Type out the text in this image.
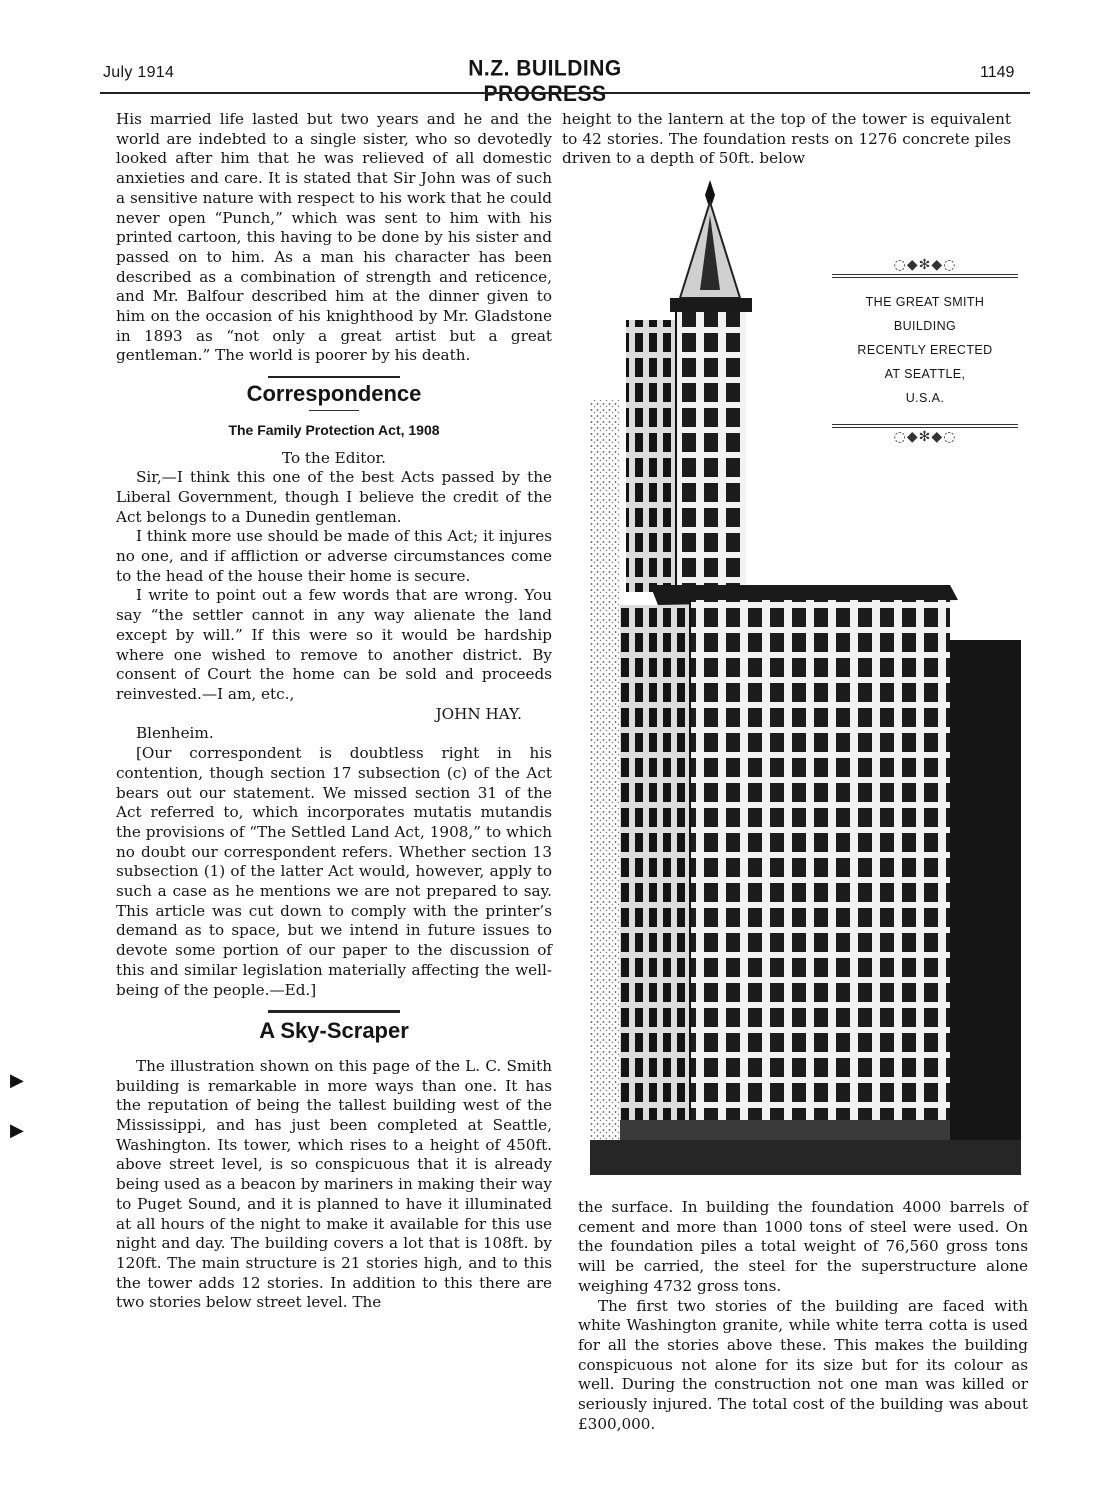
July 1914	N.Z. BUILDING PROGRESS
1149

His married life lasted but two years and he and the world are indebted to a single sister, who so devotedly looked after him that he was relieved of all domestic anxieties and care. It is stated that Sir John was of such a sensitive nature with respect to his work that he could never open “Punch,” which was sent to him with his printed cartoon, this having to be done by his sister and passed on to him. As a man his character has been described as a combination of strength and reticence, and Mr. Balfour described him at the dinner given to him on the occasion of his knighthood by Mr. Gladstone in 1893 as “not only a great artist but a great gentleman.” The world is poorer by his death.

Correspondence
The Family Protection Act, 1908

To the Editor.

Sir,—I think this one of the best Acts passed by the Liberal Government, though I believe the credit of the Act belongs to a Dunedin gentleman.

I think more use should be made of this Act; it injures no one, and if affliction or adverse circumstances come to the head of the house their home is secure.

I write to point out a few words that are wrong. You say “the settler cannot in any way alienate the land except by will.” If this were so it would be hardship where one wished to remove to another district. By consent of Court the home can be sold and proceeds reinvested.—I am, etc.,

JOHN HAY.

Blenheim.

[Our correspondent is doubtless right in his contention, though section 17 subsection (c) of the Act bears out our statement. We missed section 31 of the Act referred to, which incorporates mutatis mutandis the provisions of “The Settled Land Act, 1908,” to which no doubt our correspondent refers. Whether section 13 subsection (1) of the latter Act would, however, apply to such a case as he mentions we are not prepared to say. This article was cut down to comply with the printer’s demand as to space, but we intend in future issues to devote some portion of our paper to the discussion of this and similar legislation materially affecting the well-being of the people.—Ed.]

A Sky-Scraper

The illustration shown on this page of the L. C. Smith building is remarkable in more ways than one. It has the reputation of being the tallest building west of the Mississippi, and has just been completed at Seattle, Washington. Its tower, which rises to a height of 450ft. above street level, is so conspicuous that it is already being used as a beacon by mariners in making their way to Puget Sound, and it is planned to have it illuminated at all hours of the night to make it available for this use night and day. The building covers a lot that is 108ft. by 120ft. The main structure is 21 stories high, and to this the tower adds 12 stories. In addition to this there are two stories below street level. The

height to the lantern at the top of the tower is equivalent to 42 stories. The foundation rests on 1276 concrete piles driven to a depth of 50ft. below

◌◆✻◆◌
THE GREAT SMITH
BUILDING
RECENTLY ERECTED
AT SEATTLE,
U.S.A.
◌◆✻◆◌

the surface. In building the foundation 4000 barrels of cement and more than 1000 tons of steel were used. On the foundation piles a total weight of 76,560 gross tons will be carried, the steel for the superstructure alone weighing 4732 gross tons.

The first two stories of the building are faced with white Washington granite, while white terra cotta is used for all the stories above these. This makes the building conspicuous not alone for its size but for its colour as well. During the construction not one man was killed or seriously injured. The total cost of the building was about £300,000.

▶
▶
